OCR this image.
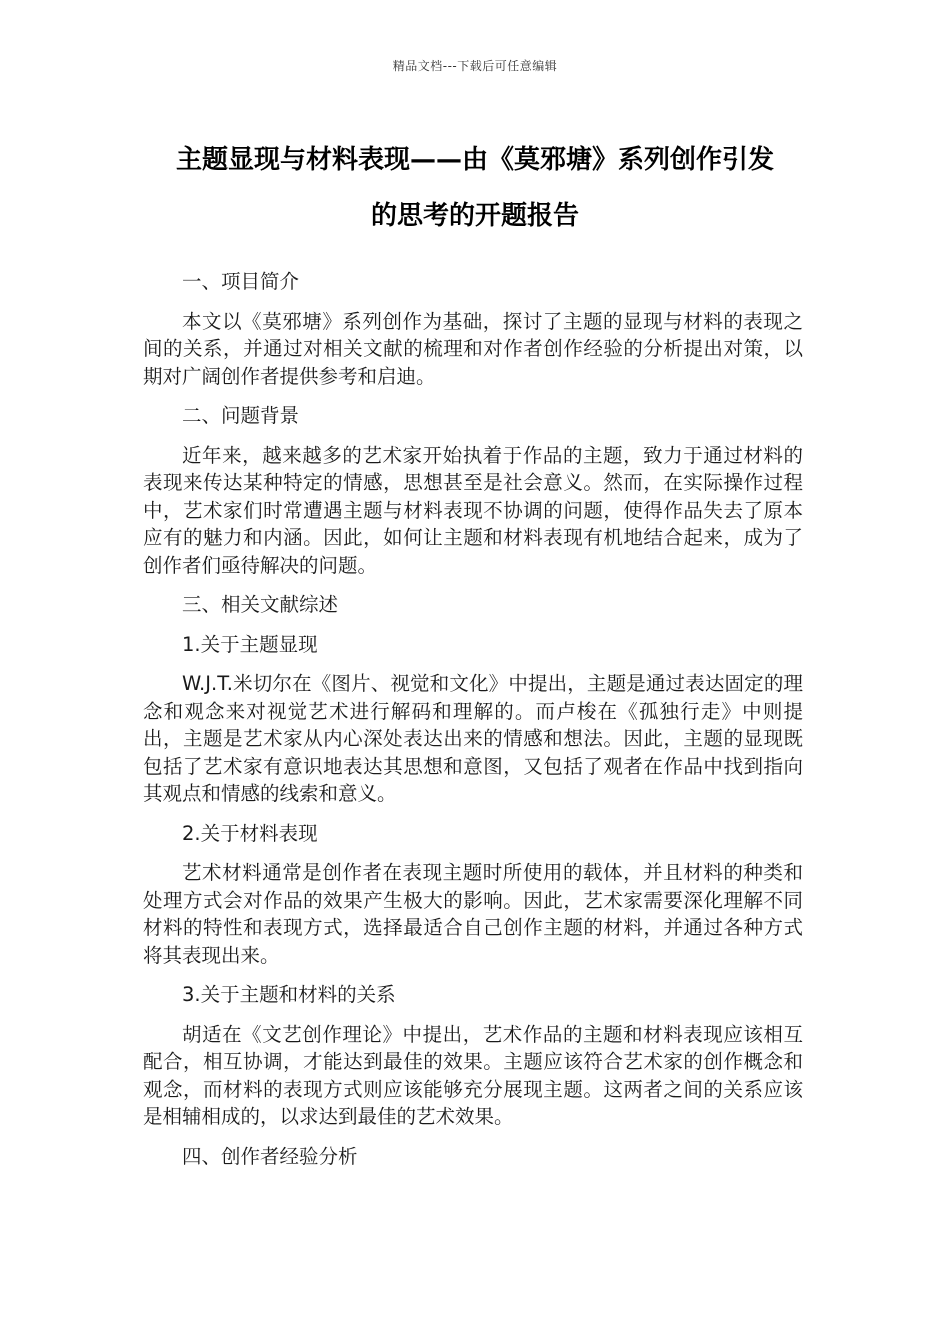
精品文档---下载后可任意编辑
主题显现与材料表现——由《莫邪塘》系列创作引发
的思考的开题报告

一、项目简介

本文以《莫邪塘》系列创作为基础，探讨了主题的显现与材料的表现之间的关系，并通过对相关文献的梳理和对作者创作经验的分析提出对策，以期对广阔创作者提供参考和启迪。

二、问题背景

近年来，越来越多的艺术家开始执着于作品的主题，致力于通过材料的表现来传达某种特定的情感，思想甚至是社会意义。然而，在实际操作过程中，艺术家们时常遭遇主题与材料表现不协调的问题，使得作品失去了原本应有的魅力和内涵。因此，如何让主题和材料表现有机地结合起来，成为了创作者们亟待解决的问题。

三、相关文献综述

1.关于主题显现

W.J.T.米切尔在《图片、视觉和文化》中提出，主题是通过表达固定的理念和观念来对视觉艺术进行解码和理解的。而卢梭在《孤独行走》中则提出，主题是艺术家从内心深处表达出来的情感和想法。因此，主题的显现既包括了艺术家有意识地表达其思想和意图，又包括了观者在作品中找到指向其观点和情感的线索和意义。

2.关于材料表现

艺术材料通常是创作者在表现主题时所使用的载体，并且材料的种类和处理方式会对作品的效果产生极大的影响。因此，艺术家需要深化理解不同材料的特性和表现方式，选择最适合自己创作主题的材料，并通过各种方式将其表现出来。

3.关于主题和材料的关系

胡适在《文艺创作理论》中提出，艺术作品的主题和材料表现应该相互配合，相互协调，才能达到最佳的效果。主题应该符合艺术家的创作概念和观念，而材料的表现方式则应该能够充分展现主题。这两者之间的关系应该是相辅相成的，以求达到最佳的艺术效果。

四、创作者经验分析
